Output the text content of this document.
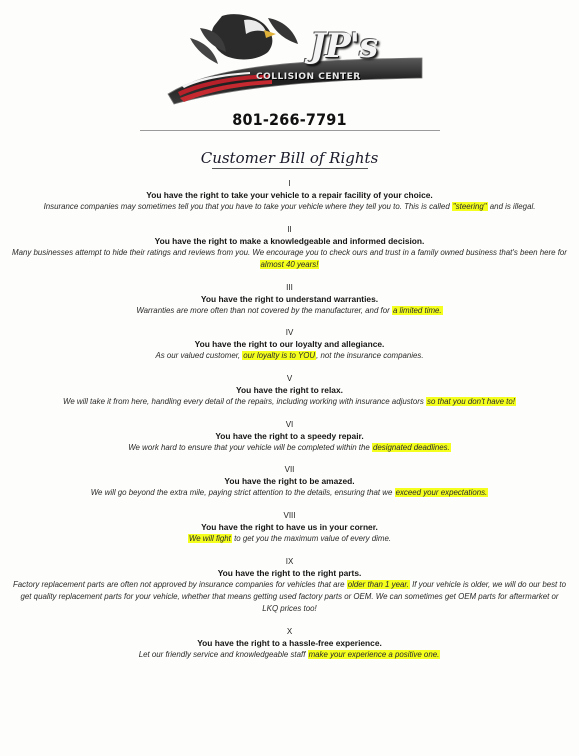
JP's
COLLISION CENTER
801-266-7791
Customer Bill of Rights
I
You have the right to take your vehicle to a repair facility of your choice.
Insurance companies may sometimes tell you that you have to take your vehicle where they tell you to. This is called "steering" and is illegal.
II
You have the right to make a knowledgeable and informed decision.
Many businesses attempt to hide their ratings and reviews from you. We encourage you to check ours and trust in a family owned business that's been here for almost 40 years!
III
You have the right to understand warranties.
Warranties are more often than not covered by the manufacturer, and for a limited time.
IV
You have the right to our loyalty and allegiance.
As our valued customer, our loyalty is to YOU, not the insurance companies.
V
You have the right to relax.
We will take it from here, handling every detail of the repairs, including working with insurance adjustors so that you don't have to!
VI
You have the right to a speedy repair.
We work hard to ensure that your vehicle will be completed within the designated deadlines.
VII
You have the right to be amazed.
We will go beyond the extra mile, paying strict attention to the details, ensuring that we exceed your expectations.
VIII
You have the right to have us in your corner.
We will fight to get you the maximum value of every dime.
IX
You have the right to the right parts.
Factory replacement parts are often not approved by insurance companies for vehicles that are older than 1 year. If your vehicle is older, we will do our best to get quality replacement parts for your vehicle, whether that means getting used factory parts or OEM. We can sometimes get OEM parts for aftermarket or LKQ prices too!
X
You have the right to a hassle-free experience.
Let our friendly service and knowledgeable staff make your experience a positive one.
